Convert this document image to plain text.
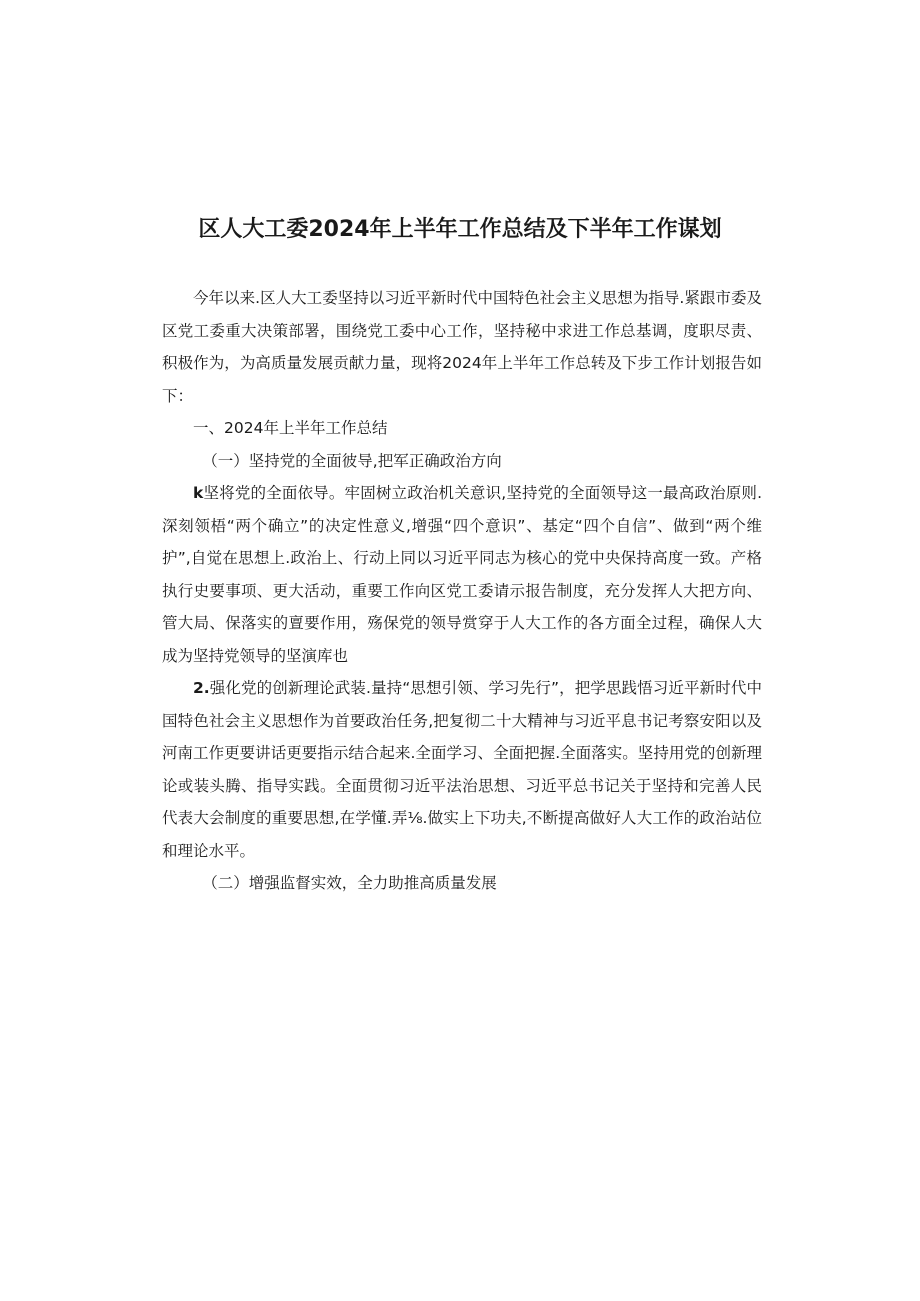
区人大工委2024年上半年工作总结及下半年工作谋划

今年以来.区人大工委坚持以习近平新时代中国特色社会主义思想为指导.紧跟市委及区党工委重大决策部署，围绕党工委中心工作，坚持秘中求进工作总基调，度职尽责、积极作为，为高质量发展贡献力量，现将2024年上半年工作总转及下步工作计划报告如下：

一、2024年上半年工作总结

（一）坚持党的全面彼导,把军正确政治方向

k坚将党的全面依导。牢固树立政治机关意识,坚持党的全面领导这一最高政治原则.深刻领梧“两个确立”的决定性意义,增强“四个意识”、基定“四个自信”、做到“两个维护”,自觉在思想上.政治上、行动上同以习近平同志为核心的党中央保持高度一致。产格执行史要事项、更大活动，重要工作向区党工委请示报告制度，充分发挥人大把方向、管大局、保落实的亶要作用，殇保党的领导赏穿于人大工作的各方面全过程，确保人大成为坚持党领导的坚演库也

2.强化党的创新理论武装.量持“思想引领、学习先行”，把学思践悟习近平新时代中国特色社会主义思想作为首要政治任务,把复彻二十大精神与习近平息书记考察安阳以及河南工作更要讲话更要指示结合起来.全面学习、全面把握.全面落实。坚持用党的创新理论或装头腾、指导实践。全面贯彻习近平法治思想、习近平总书记关于坚持和完善人民代表大会制度的重要思想,在学懂.弄⅛.做实上下功夫,不断提高做好人大工作的政治站位和理论水平。

（二）增强监督实效，全力助推高质量发展
